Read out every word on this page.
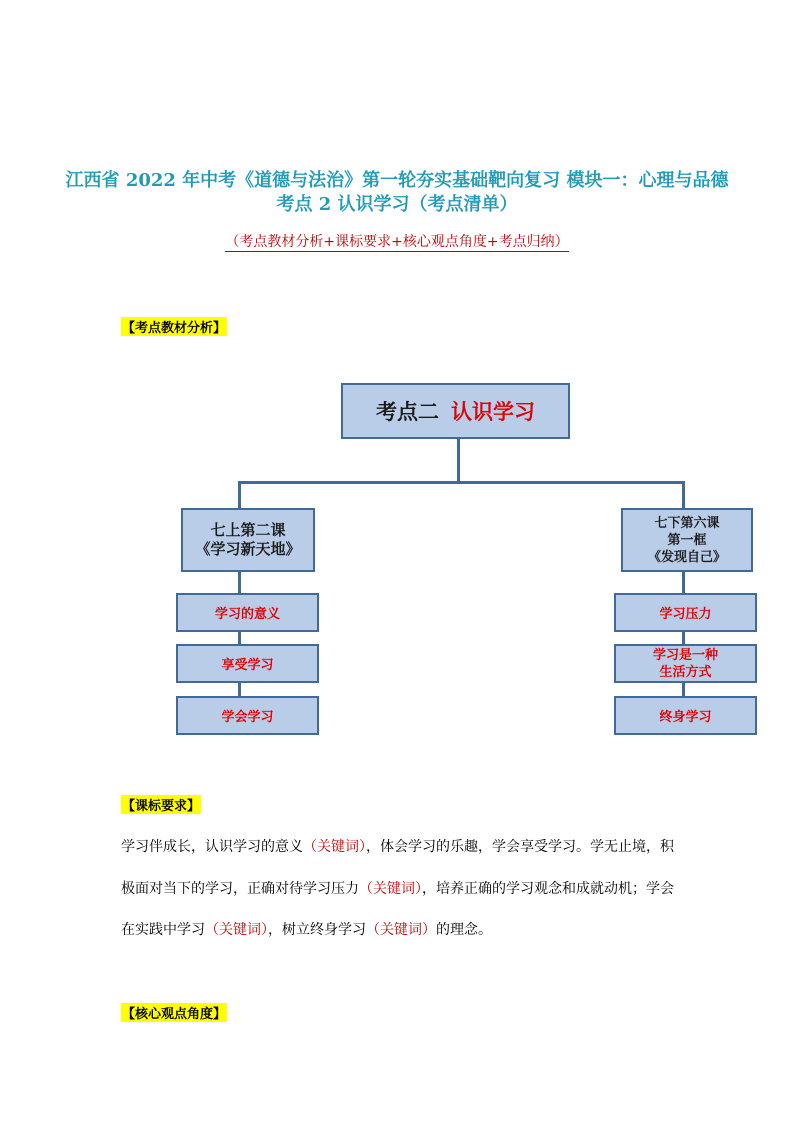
江西省 2022 年中考《道德与法治》第一轮夯实基础靶向复习 模块一：心理与品德
考点 2 认识学习（考点清单）
（考点教材分析+课标要求+核心观点角度+考点归纳）
【考点教材分析】
考点二 认识学习
七上第二课
《学习新天地》
学习的意义
享受学习
学会学习
七下第六课
第一框
《发现自己》
学习压力
学习是一种
生活方式
终身学习
【课标要求】
学习伴成长，认识学习的意义（关键词），体会学习的乐趣，学会享受学习。学无止境，积
极面对当下的学习，正确对待学习压力（关键词），培养正确的学习观念和成就动机；学会
在实践中学习（关键词），树立终身学习（关键词）的理念。
【核心观点角度】
